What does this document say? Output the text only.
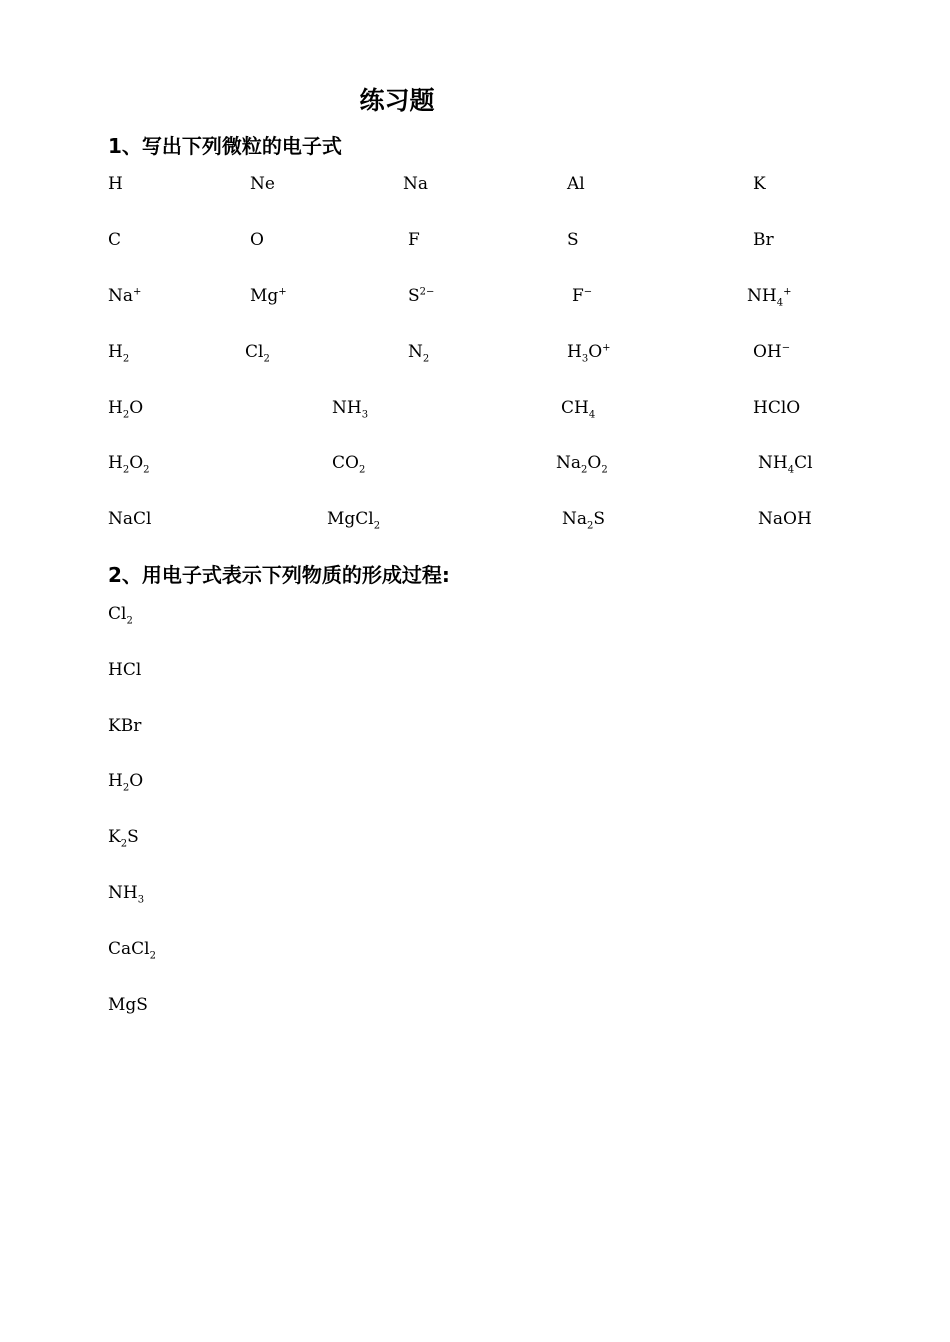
练习题
1、写出下列微粒的电子式
2、用电子式表示下列物质的形成过程:
H	Ne	Na	Al	K
C	O	F	S	Br
Na+	Mg+	$S^{2-}$	F−	$NH_4^+$
$H_2$	$Cl_2$	$N_2$	$H_3O^+$	OH−
$H_2O$	$NH_3$	$CH_4$	HClO
$H_2O_2$	$CO_2$	$Na_2O_2$	$NH_4Cl$
NaCl	MgCl$_2$	$Na_2S$	NaOH
$Cl_2$
HCl
KBr
$H_2O$
$K_2S$
$NH_3$
CaCl$_2$
MgS
